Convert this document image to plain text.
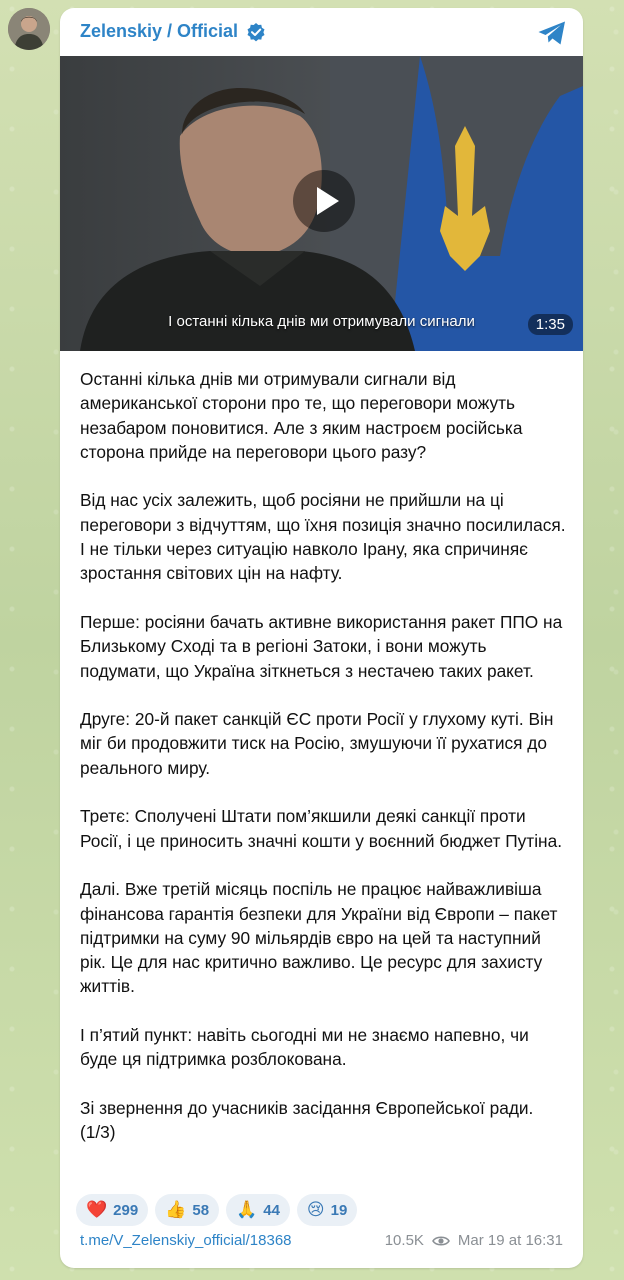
Zelenskiy / Official
І останні кілька днів ми отримували сигнали	1:35

Останні кілька днів ми отримували сигнали від американської сторони про те, що переговори можуть незабаром поновитися. Але з яким настроєм російська сторона прийде на переговори цього разу?

Від нас усіх залежить, щоб росіяни не прийшли на ці переговори з відчуттям, що їхня позиція значно посилилася. І не тільки через ситуацію навколо Ірану, яка спричиняє зростання світових цін на нафту.

Перше: росіяни бачать активне використання ракет ППО на Близькому Сході та в регіоні Затоки, і вони можуть подумати, що Україна зіткнеться з нестачею таких ракет.

Друге: 20-й пакет санкцій ЄС проти Росії у глухому куті. Він міг би продовжити тиск на Росію, змушуючи її рухатися до реального миру.

Третє: Сполучені Штати пом’якшили деякі санкції проти Росії, і це приносить значні кошти у воєнний бюджет Путіна.

Далі. Вже третій місяць поспіль не працює найважливіша фінансова гарантія безпеки для України від Європи – пакет підтримки на суму 90 мільярдів євро на цей та наступний рік. Це для нас критично важливо. Це ресурс для захисту життів.

І п’ятий пункт: навіть сьогодні ми не знаємо напевно, чи буде ця підтримка розблокована.

Зі звернення до учасників засідання Європейської ради. (1/3)

❤️ 299 👍 58 🙏 44 😢 19
t.me/V_Zelenskiy_official/18368	10.5K Mar 19 at 16:31
